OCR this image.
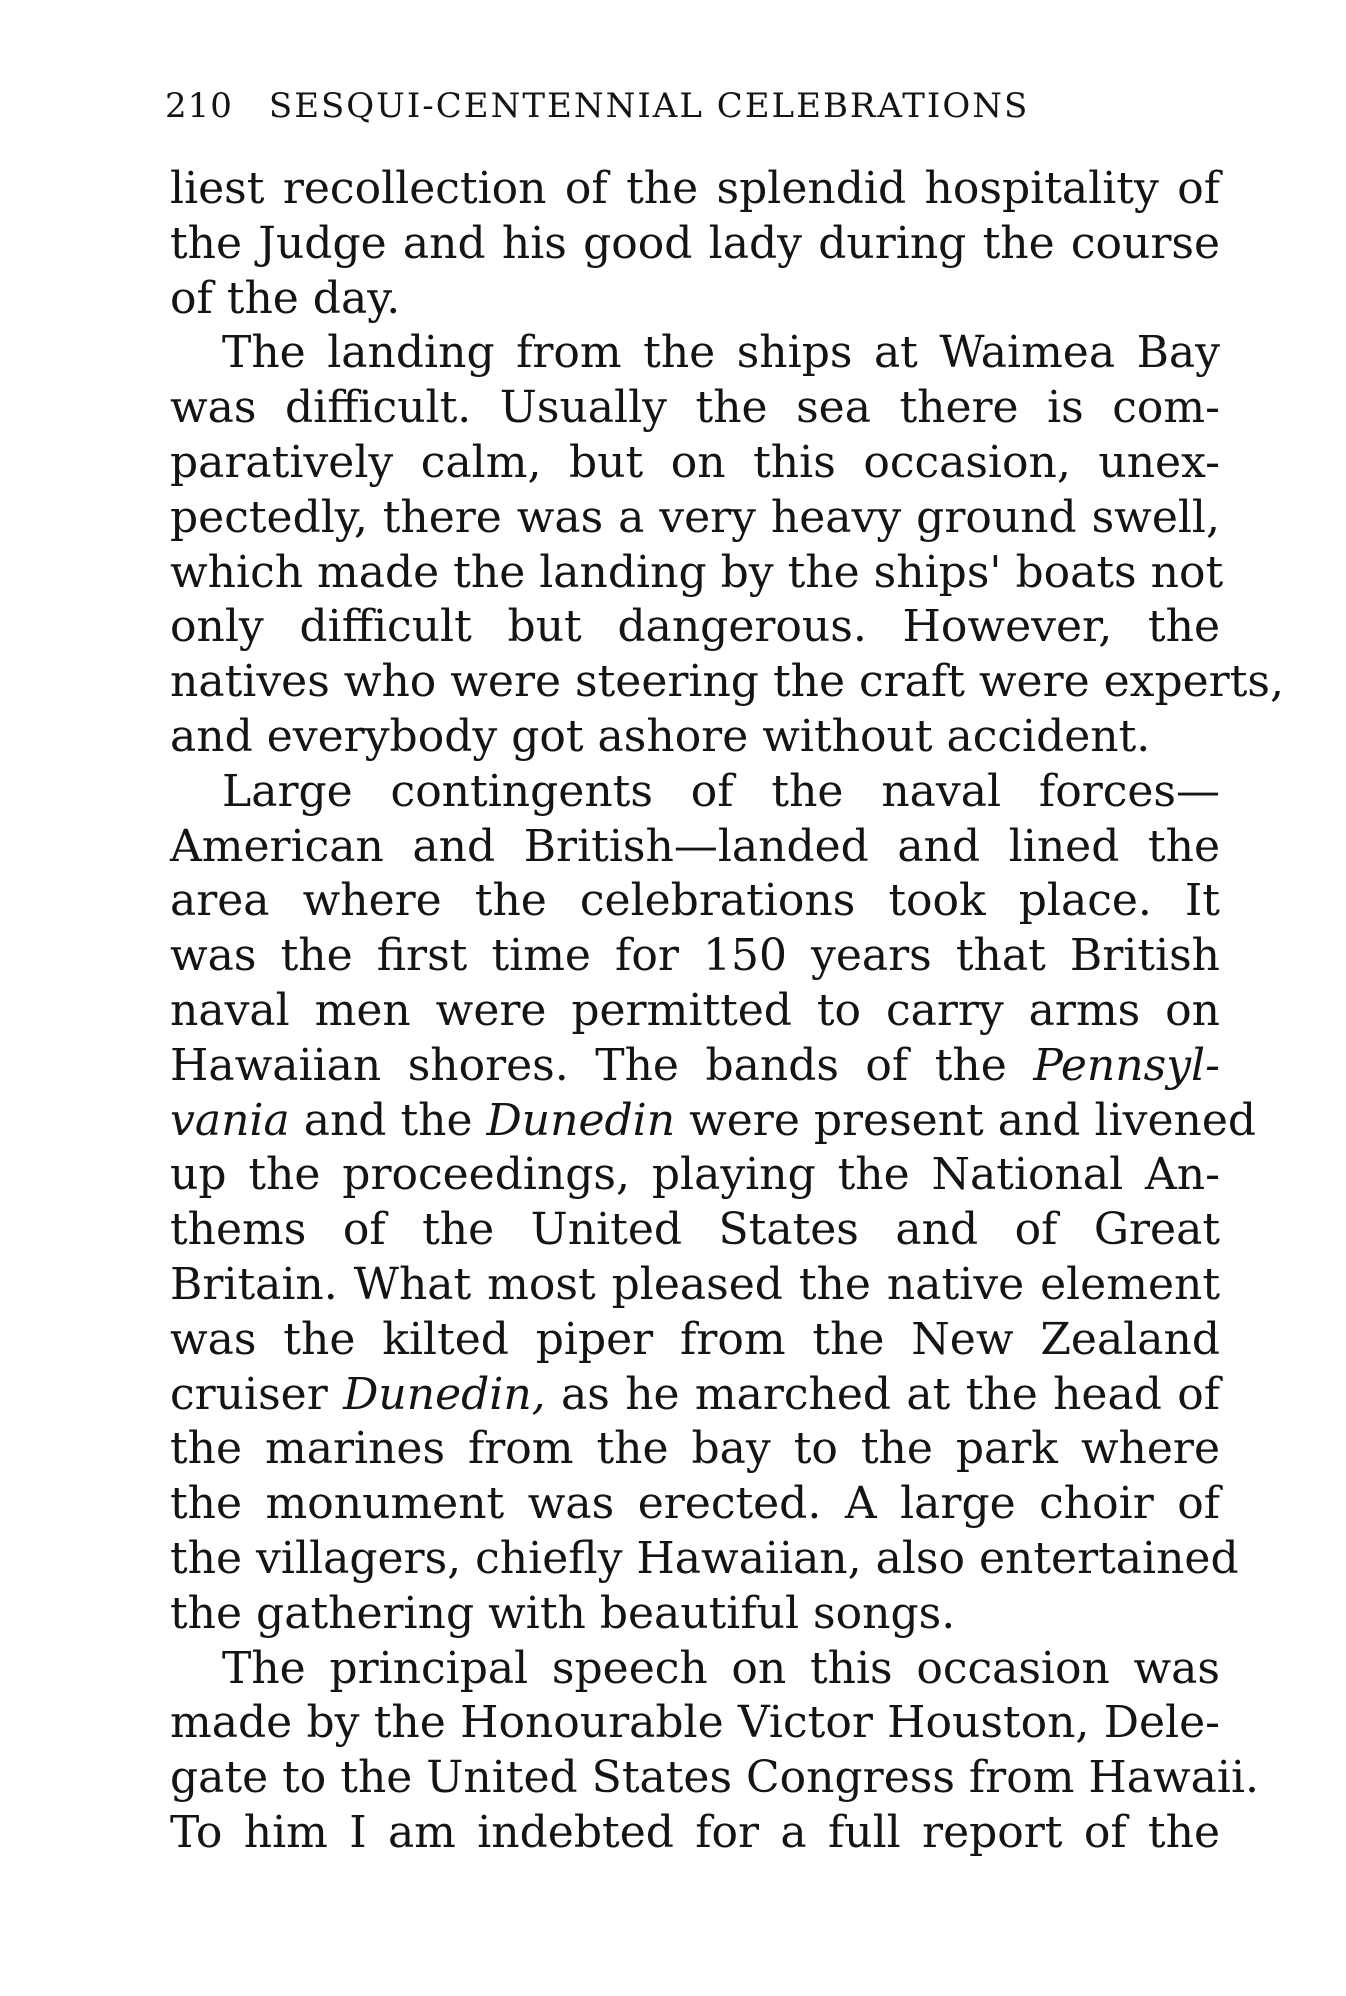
210 SESQUI-CENTENNIAL CELEBRATIONS
liest recollection of the splendid hospitality of
the Judge and his good lady during the course
of the day.
The landing from the ships at Waimea Bay
was difficult. Usually the sea there is com-
paratively calm, but on this occasion, unex-
pectedly, there was a very heavy ground swell,
which made the landing by the ships' boats not
only difficult but dangerous. However, the
natives who were steering the craft were experts,
and everybody got ashore without accident.
Large contingents of the naval forces—
American and British—landed and lined the
area where the celebrations took place. It
was the first time for 150 years that British
naval men were permitted to carry arms on
Hawaiian shores. The bands of the Pennsyl-
vania and the Dunedin were present and livened
up the proceedings, playing the National An-
thems of the United States and of Great
Britain. What most pleased the native element
was the kilted piper from the New Zealand
cruiser Dunedin, as he marched at the head of
the marines from the bay to the park where
the monument was erected. A large choir of
the villagers, chiefly Hawaiian, also entertained
the gathering with beautiful songs.
The principal speech on this occasion was
made by the Honourable Victor Houston, Dele-
gate to the United States Congress from Hawaii.
To him I am indebted for a full report of the
